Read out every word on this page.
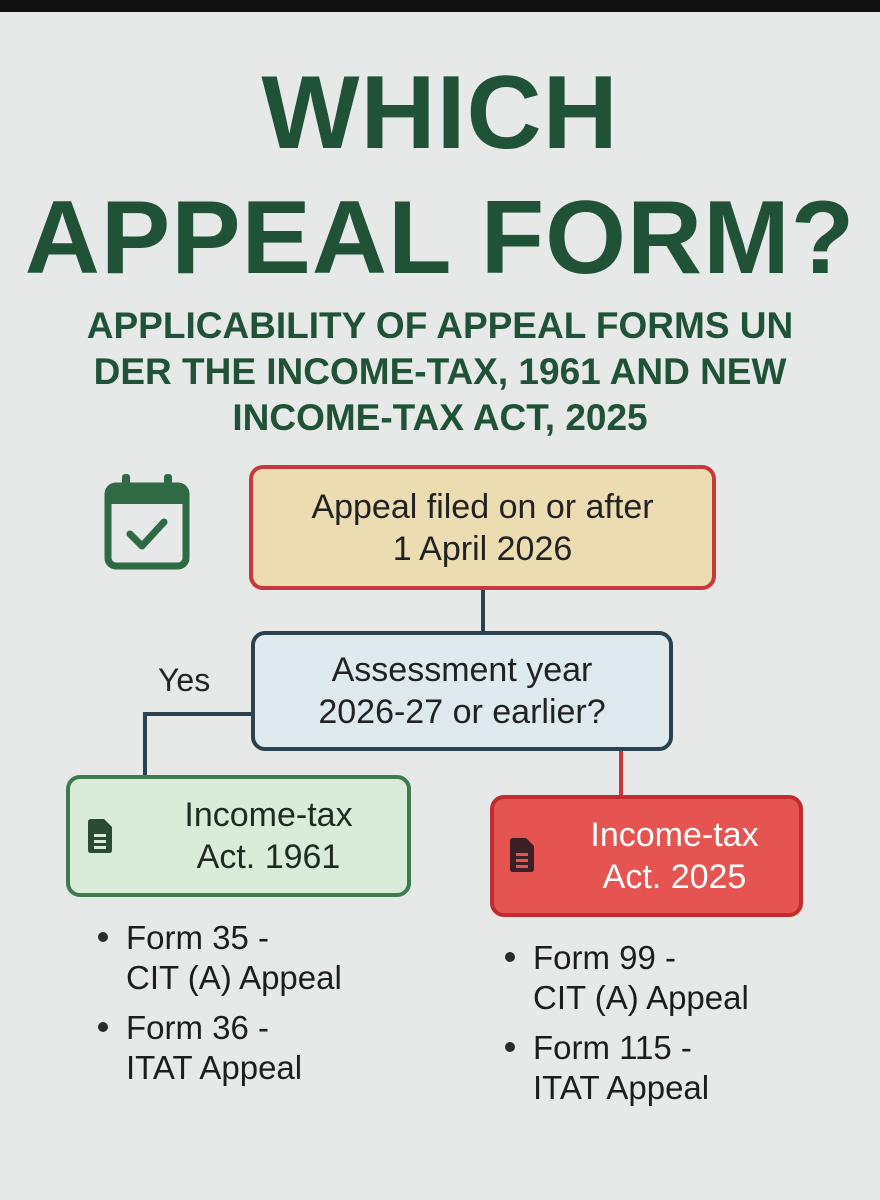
WHICH
APPEAL FORM?
APPLICABILITY OF APPEAL FORMS UN
DER THE INCOME-TAX, 1961 AND NEW
INCOME-TAX ACT, 2025
Appeal filed on or after
1 April 2026
Yes	Assessment year
2026-27 or earlier?
Income-tax
Act. 1961
Income-tax
Act. 2025
Form 35 -
CIT (A) Appeal
Form 36 -
ITAT Appeal
Form 99 -
CIT (A) Appeal
Form 115 -
ITAT Appeal
